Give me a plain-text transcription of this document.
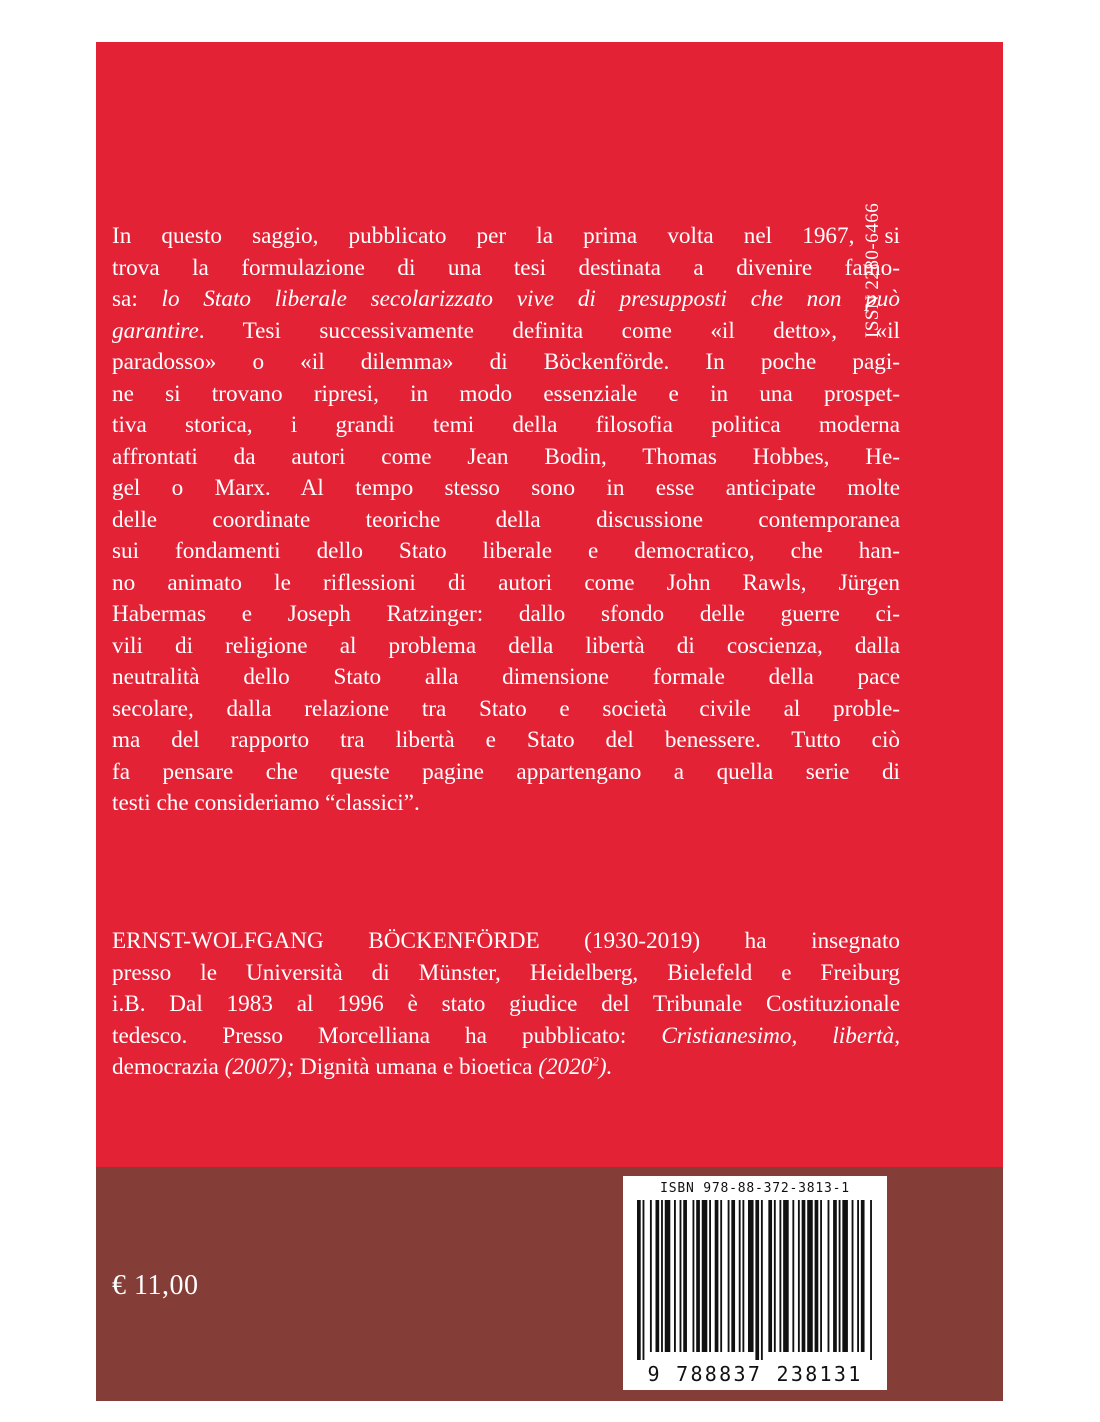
ISSN 2280-6466
In questo saggio, pubblicato per la prima volta nel 1967, si
trova la formulazione di una tesi destinata a divenire famo-
sa: lo Stato liberale secolarizzato vive di presupposti che non può
garantire. Tesi successivamente definita come «il detto», «il
paradosso» o «il dilemma» di Böckenförde. In poche pagi-
ne si trovano ripresi, in modo essenziale e in una prospet-
tiva storica, i grandi temi della filosofia politica moderna
affrontati da autori come Jean Bodin, Thomas Hobbes, He-
gel o Marx. Al tempo stesso sono in esse anticipate molte
delle coordinate teoriche della discussione contemporanea
sui fondamenti dello Stato liberale e democratico, che han-
no animato le riflessioni di autori come John Rawls, Jürgen
Habermas e Joseph Ratzinger: dallo sfondo delle guerre ci-
vili di religione al problema della libertà di coscienza, dalla
neutralità dello Stato alla dimensione formale della pace
secolare, dalla relazione tra Stato e società civile al proble-
ma del rapporto tra libertà e Stato del benessere. Tutto ciò
fa pensare che queste pagine appartengano a quella serie di
testi che consideriamo “classici”.
ERNST-WOLFGANG BÖCKENFÖRDE (1930-2019) ha insegnato
presso le Università di Münster, Heidelberg, Bielefeld e Freiburg
i.B. Dal 1983 al 1996 è stato giudice del Tribunale Costituzionale
tedesco. Presso Morcelliana ha pubblicato: Cristianesimo, libertà,
democrazia (2007); Dignità umana e bioetica (2020$^2$).
€ 11,00
ISBN 978-88-372-3813-1
9 788837 238131
